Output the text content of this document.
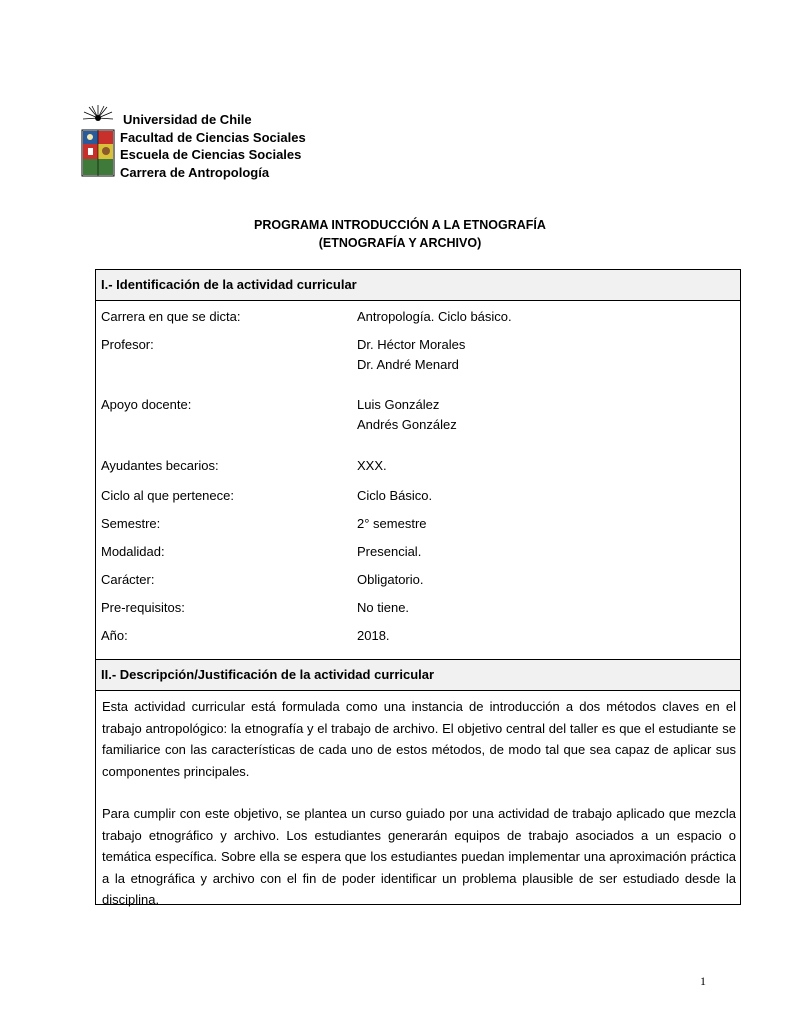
Universidad de Chile
Facultad de Ciencias Sociales
Escuela de Ciencias Sociales
Carrera de Antropología
PROGRAMA INTRODUCCIÓN A LA ETNOGRAFÍA
(ETNOGRAFÍA Y ARCHIVO)
I.- Identificación de la actividad curricular
Carrera en que se dicta:	Antropología. Ciclo básico.
Profesor:	Dr. Héctor Morales
Dr. André Menard
Apoyo docente:	Luis González
Andrés González
Ayudantes becarios:	XXX.
Ciclo al que pertenece:	Ciclo Básico.
Semestre:	2° semestre
Modalidad:	Presencial.
Carácter:	Obligatorio.
Pre-requisitos:	No tiene.
Año:	2018.
II.- Descripción/Justificación de la actividad curricular

Esta actividad curricular está formulada como una instancia de introducción a dos métodos claves en el trabajo antropológico: la etnografía y el trabajo de archivo. El objetivo central del taller es que el estudiante se familiarice con las características de cada uno de estos métodos, de modo tal que sea capaz de aplicar sus componentes principales.

Para cumplir con este objetivo, se plantea un curso guiado por una actividad de trabajo aplicado que mezcla trabajo etnográfico y archivo. Los estudiantes generarán equipos de trabajo asociados a un espacio o temática específica. Sobre ella se espera que los estudiantes puedan implementar una aproximación práctica a la etnográfica y archivo con el fin de poder identificar un problema plausible de ser estudiado desde la disciplina.

1
